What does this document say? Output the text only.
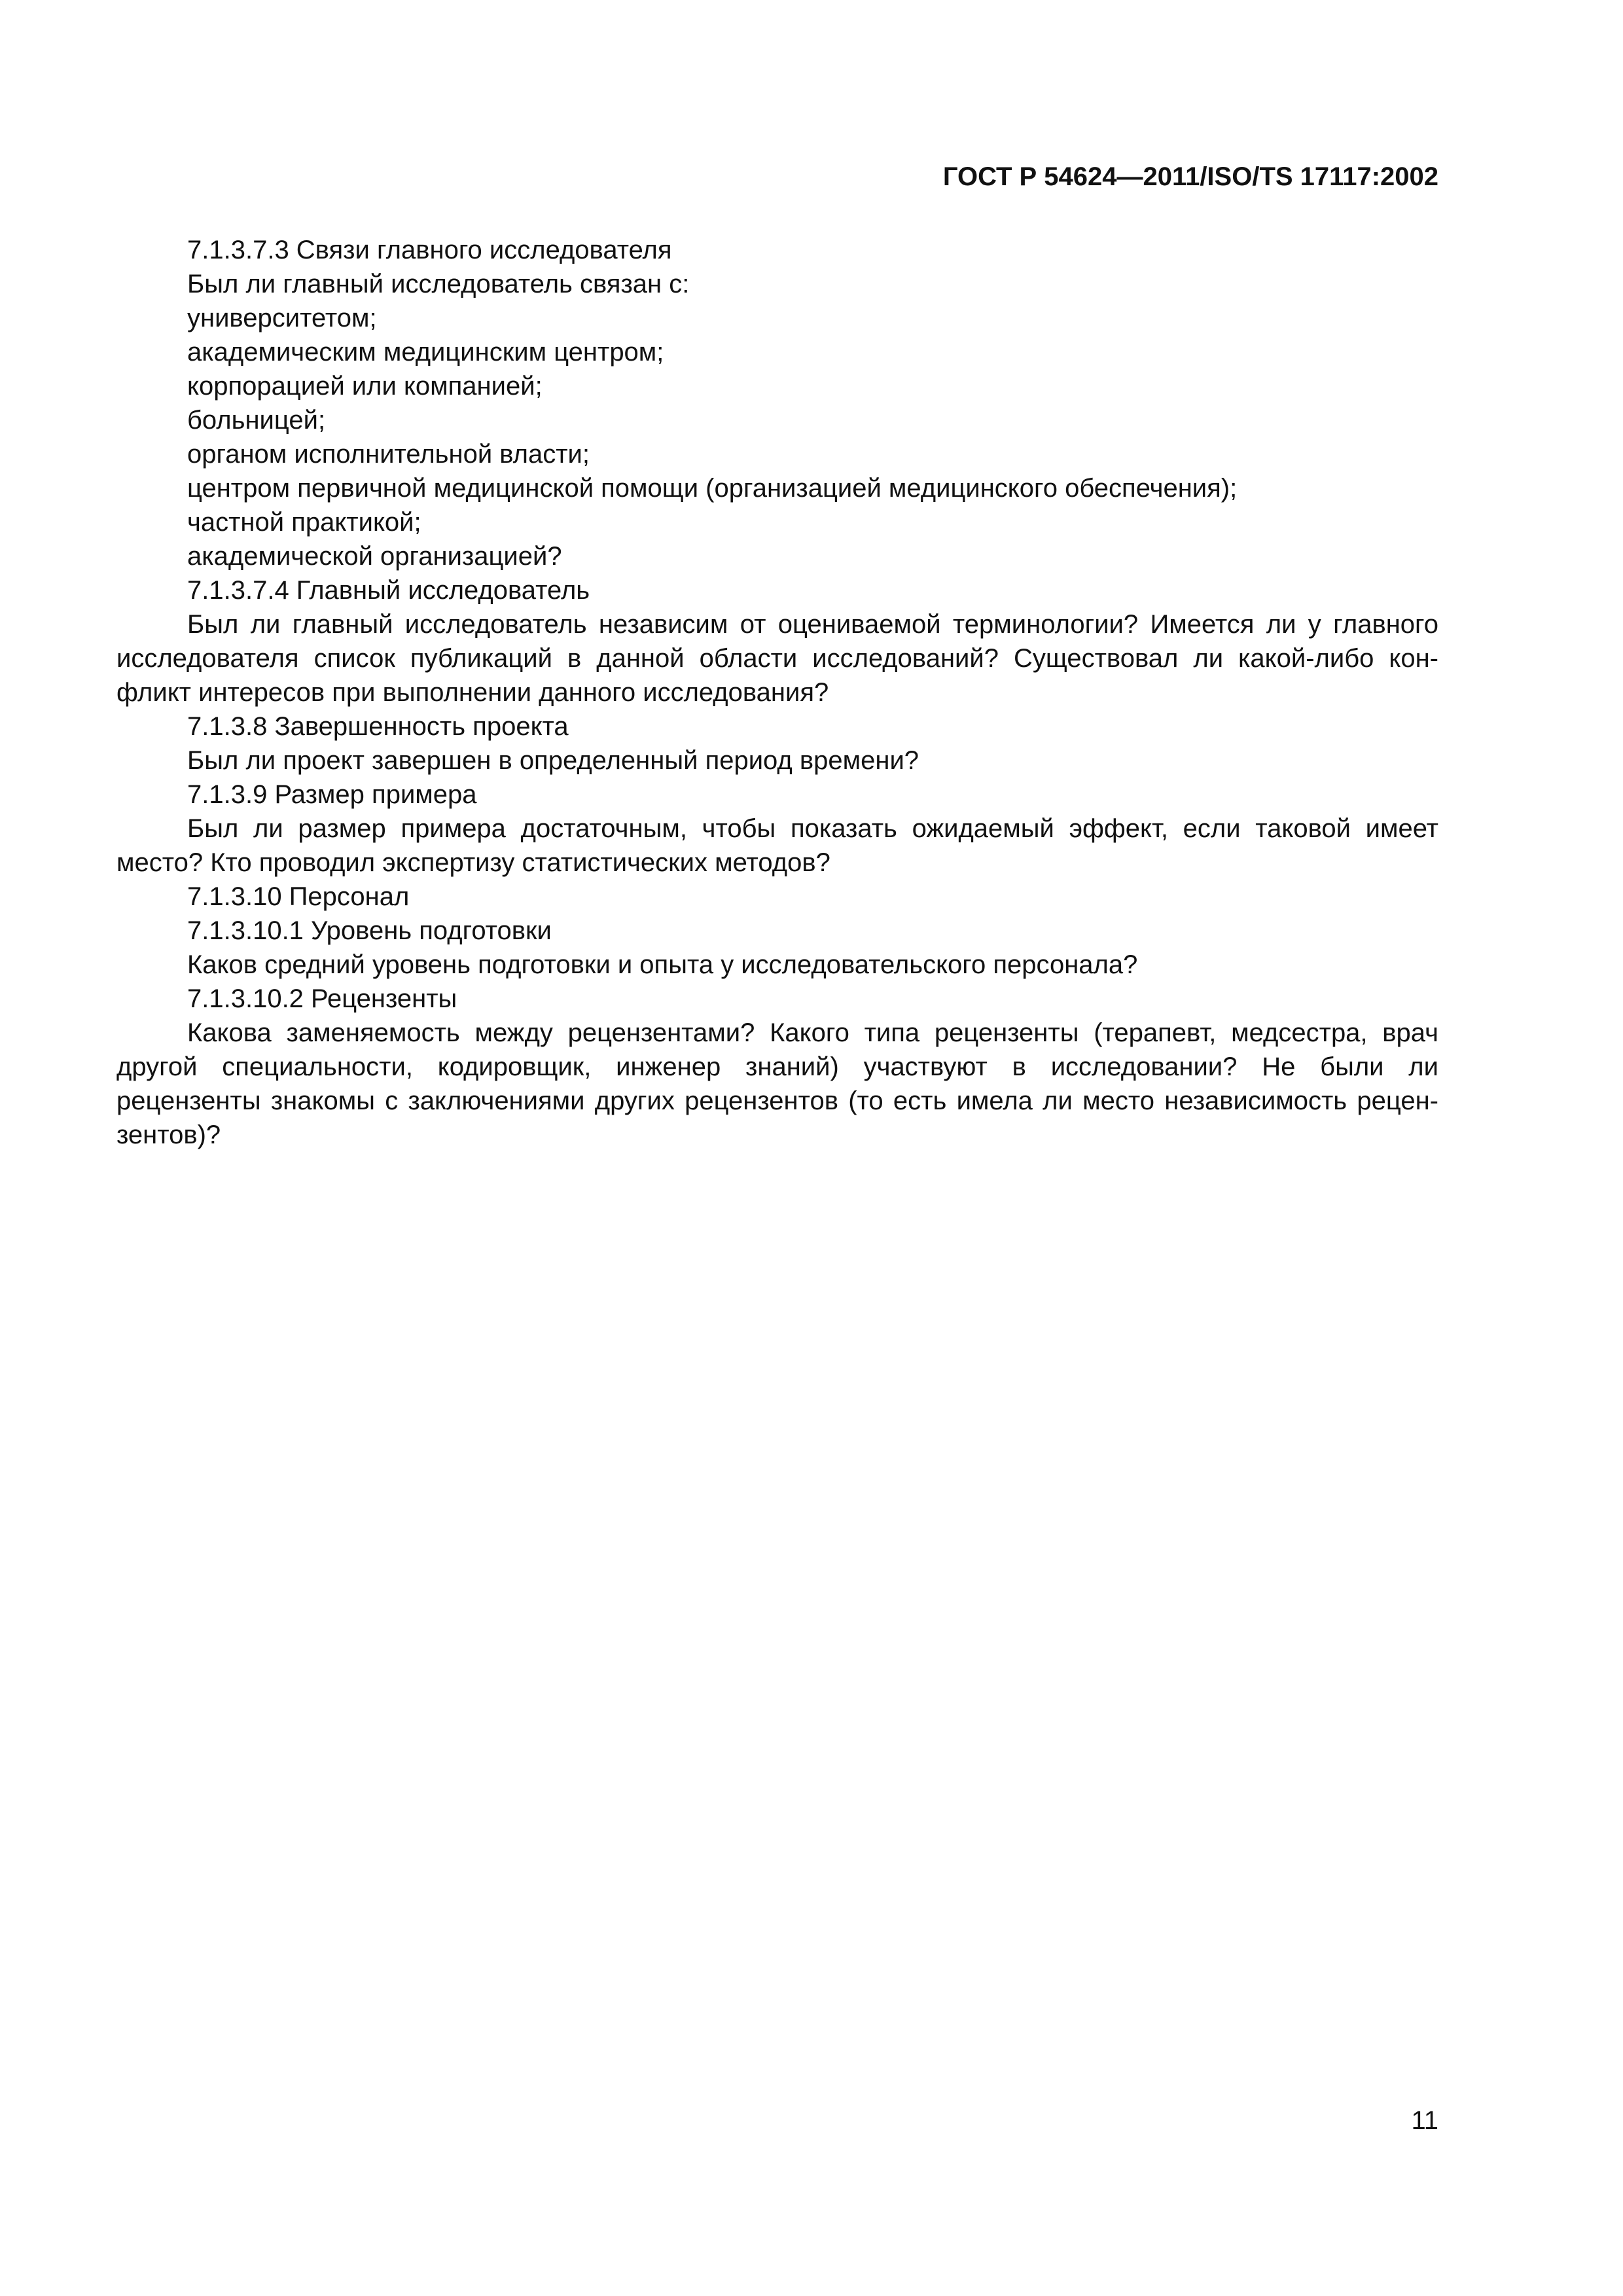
ГОСТ Р 54624—2011/ISO/TS 17117:2002
7.1.3.7.3 Связи главного исследователя
Был ли главный исследователь связан с:
университетом;
академическим медицинским центром;
корпорацией или компанией;
больницей;
органом исполнительной власти;
центром первичной медицинской помощи (организацией медицинского обеспечения);
частной практикой;
академической организацией?
7.1.3.7.4 Главный исследователь
Был ли главный исследователь независим от оцениваемой терминологии? Имеется ли у главного
исследователя список публикаций в данной области исследований? Существовал ли какой-либо кон-
фликт интересов при выполнении данного исследования?
7.1.3.8 Завершенность проекта
Был ли проект завершен в определенный период времени?
7.1.3.9 Размер примера
Был ли размер примера достаточным, чтобы показать ожидаемый эффект, если таковой имеет
место? Кто проводил экспертизу статистических методов?
7.1.3.10 Персонал
7.1.3.10.1 Уровень подготовки
Каков средний уровень подготовки и опыта у исследовательского персонала?
7.1.3.10.2 Рецензенты
Какова заменяемость между рецензентами? Какого типа рецензенты (терапевт, медсестра, врач
другой специальности, кодировщик, инженер знаний) участвуют в исследовании? Не были ли
рецензенты знакомы с заключениями других рецензентов (то есть имела ли место независимость рецен-
зентов)?
11
